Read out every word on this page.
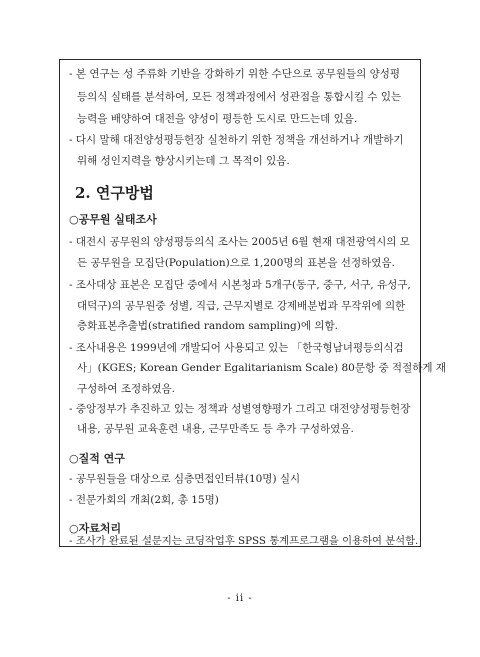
- 본 연구는 성 주류화 기반을 강화하기 위한 수단으로 공무원들의 양성평
등의식 실태를 분석하여, 모든 정책과정에서 성관점을 통합시킬 수 있는
능력을 배양하여 대전을 양성이 평등한 도시로 만드는데 있음.
- 다시 말해 대전양성평등헌장 실천하기 위한 정책을 개선하거나 개발하기
위해 성인지력을 향상시키는데 그 목적이 있음.
2. 연구방법
○공무원 실태조사
- 대전시 공무원의 양성평등의식 조사는 2005년 6월 현재 대전광역시의 모
든 공무원을 모집단(Population)으로 1,200명의 표본을 선정하였음.
- 조사대상 표본은 모집단 중에서 시본청과 5개구(동구, 중구, 서구, 유성구,
대덕구)의 공무원중 성별, 직급, 근무지별로 강제배분법과 무작위에 의한
층화표본추출법(stratified random sampling)에 의함.
- 조사내용은 1999년에 개발되어 사용되고 있는 「한국형남녀평등의식검
사」(KGES; Korean Gender Egalitarianism Scale) 80문항 중 적절하게 재
구성하여 조정하였음.
- 중앙정부가 추진하고 있는 정책과 성별영향평가 그리고 대전양성평등헌장
내용, 공무원 교육훈련 내용, 근무만족도 등 추가 구성하였음.
○질적 연구
- 공무원들을 대상으로 심층면접인터뷰(10명) 실시
- 전문가회의 개최(2회, 총 15명)
○자료처리
- 조사가 완료된 설문지는 코딩작업후 SPSS 통계프로그램을 이용하여 분석함.
- ii -
